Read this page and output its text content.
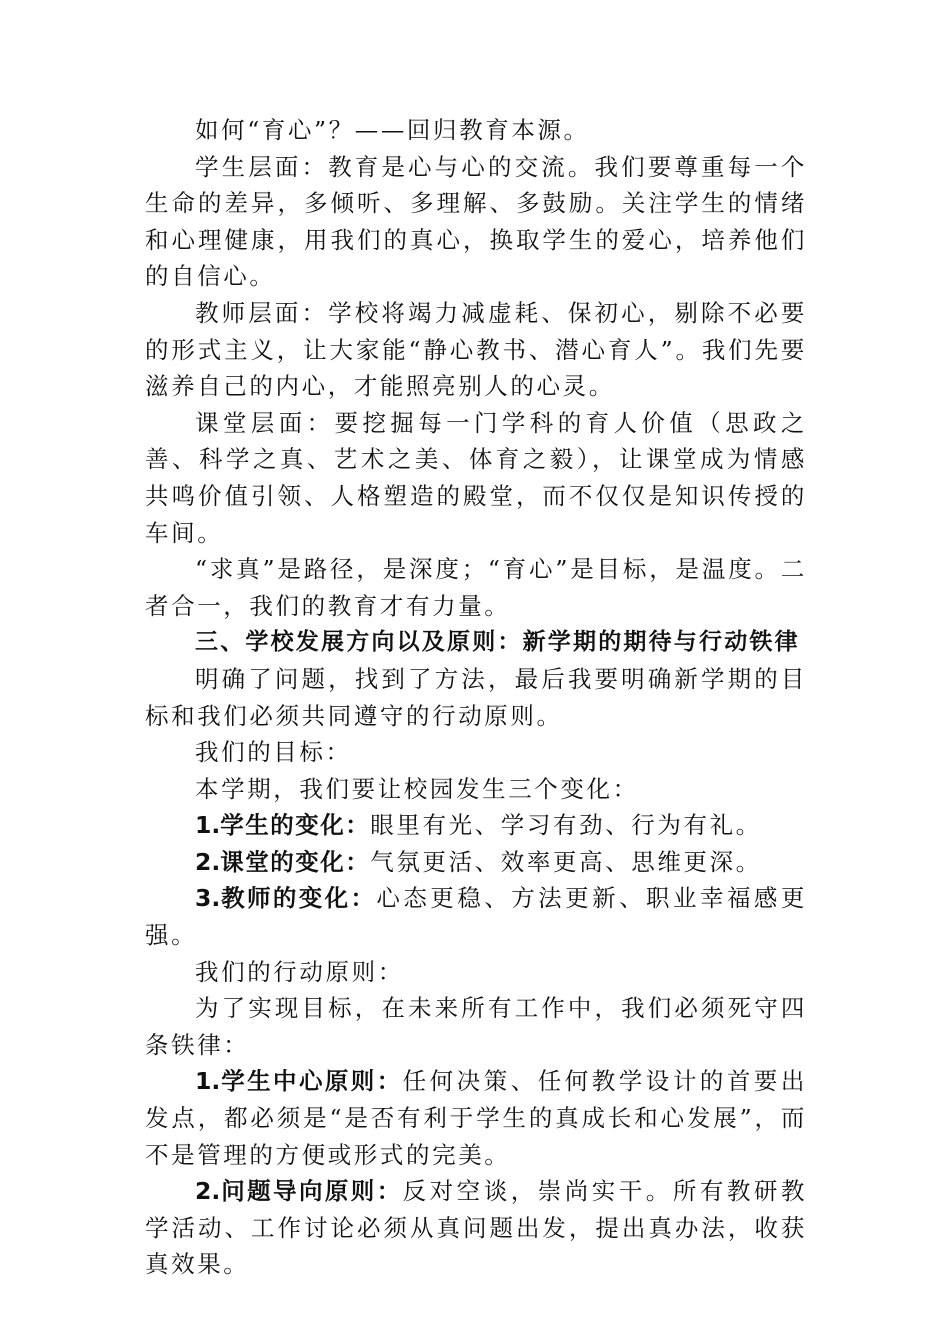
如何“育心”？——回归教育本源。

学生层面：教育是心与心的交流。我们要尊重每一个生命的差异，多倾听、多理解、多鼓励。关注学生的情绪和心理健康，用我们的真心，换取学生的爱心，培养他们的自信心。

教师层面：学校将竭力减虚耗、保初心，剔除不必要的形式主义，让大家能“静心教书、潜心育人”。我们先要滋养自己的内心，才能照亮别人的心灵。

课堂层面：要挖掘每一门学科的育人价值（思政之善、科学之真、艺术之美、体育之毅），让课堂成为情感共鸣价值引领、人格塑造的殿堂，而不仅仅是知识传授的车间。

“求真”是路径，是深度；“育心”是目标，是温度。二者合一，我们的教育才有力量。

三、学校发展方向以及原则：新学期的期待与行动铁律

明确了问题，找到了方法，最后我要明确新学期的目标和我们必须共同遵守的行动原则。

我们的目标：

本学期，我们要让校园发生三个变化：

1.学生的变化：眼里有光、学习有劲、行为有礼。

2.课堂的变化：气氛更活、效率更高、思维更深。

3.教师的变化：心态更稳、方法更新、职业幸福感更强。

我们的行动原则：

为了实现目标，在未来所有工作中，我们必须死守四条铁律：

1.学生中心原则：任何决策、任何教学设计的首要出发点，都必须是“是否有利于学生的真成长和心发展”，而不是管理的方便或形式的完美。

2.问题导向原则：反对空谈，崇尚实干。所有教研教学活动、工作讨论必须从真问题出发，提出真办法，收获真效果。
